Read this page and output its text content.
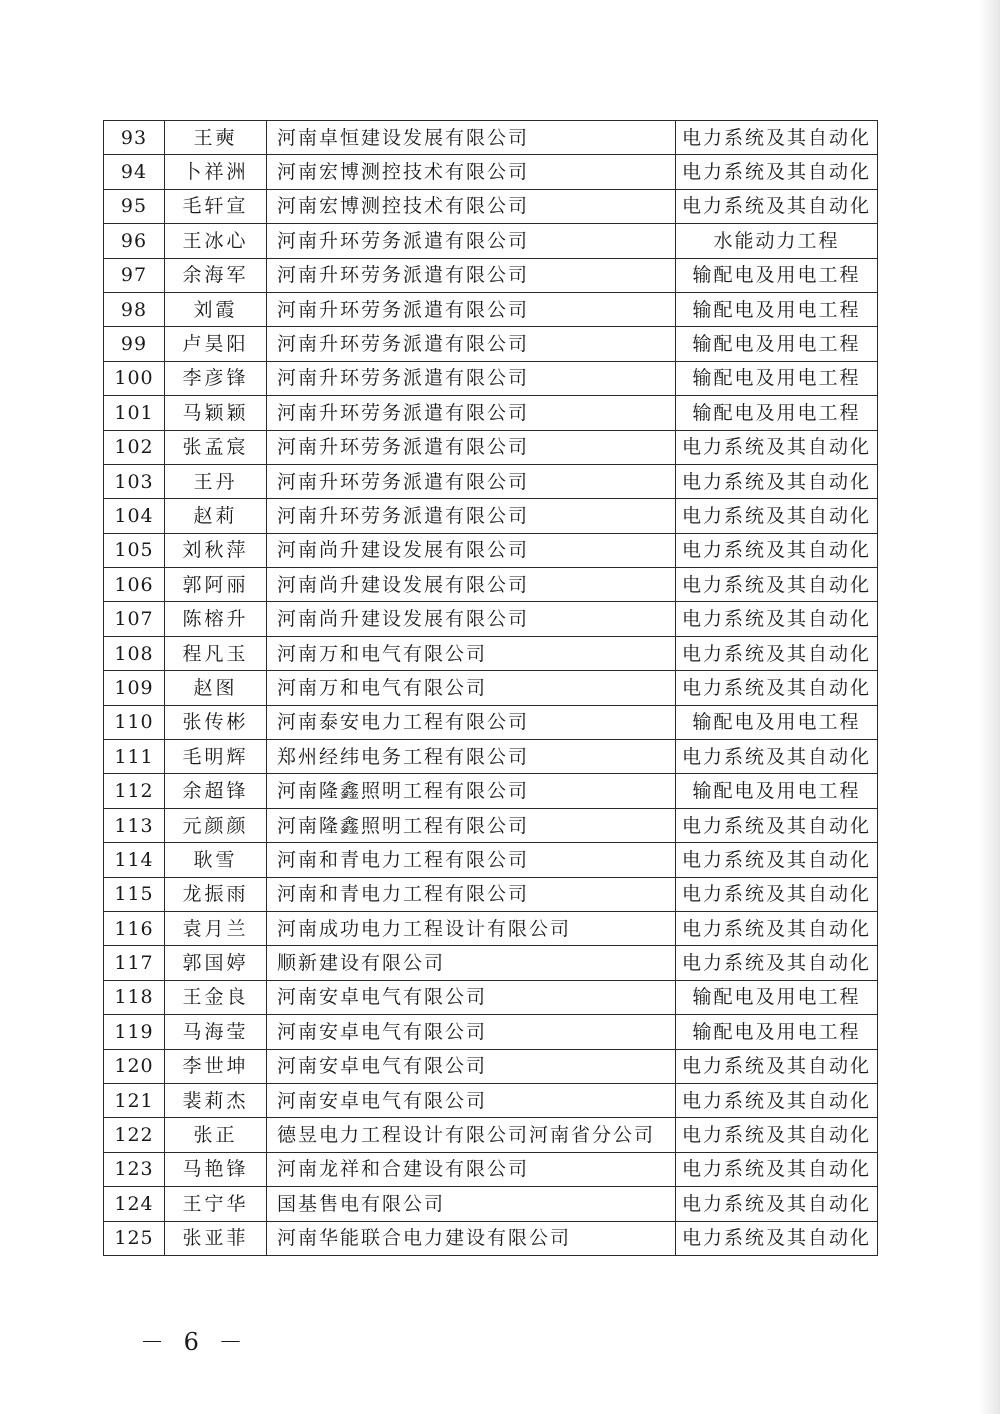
93	王奭	河南卓恒建设发展有限公司	电力系统及其自动化
94	卜祥洲	河南宏博测控技术有限公司	电力系统及其自动化
95	毛轩宣	河南宏博测控技术有限公司	电力系统及其自动化
96	王冰心	河南升环劳务派遣有限公司	水能动力工程
97	余海军	河南升环劳务派遣有限公司	输配电及用电工程
98	刘霞	河南升环劳务派遣有限公司	输配电及用电工程
99	卢昊阳	河南升环劳务派遣有限公司	输配电及用电工程
100	李彦锋	河南升环劳务派遣有限公司	输配电及用电工程
101	马颖颖	河南升环劳务派遣有限公司	输配电及用电工程
102	张孟宸	河南升环劳务派遣有限公司	电力系统及其自动化
103	王丹	河南升环劳务派遣有限公司	电力系统及其自动化
104	赵莉	河南升环劳务派遣有限公司	电力系统及其自动化
105	刘秋萍	河南尚升建设发展有限公司	电力系统及其自动化
106	郭阿丽	河南尚升建设发展有限公司	电力系统及其自动化
107	陈榕升	河南尚升建设发展有限公司	电力系统及其自动化
108	程凡玉	河南万和电气有限公司	电力系统及其自动化
109	赵图	河南万和电气有限公司	电力系统及其自动化
110	张传彬	河南泰安电力工程有限公司	输配电及用电工程
111	毛明辉	郑州经纬电务工程有限公司	电力系统及其自动化
112	余超锋	河南隆鑫照明工程有限公司	输配电及用电工程
113	元颜颜	河南隆鑫照明工程有限公司	电力系统及其自动化
114	耿雪	河南和青电力工程有限公司	电力系统及其自动化
115	龙振雨	河南和青电力工程有限公司	电力系统及其自动化
116	袁月兰	河南成功电力工程设计有限公司	电力系统及其自动化
117	郭国婷	顺新建设有限公司	电力系统及其自动化
118	王金良	河南安卓电气有限公司	输配电及用电工程
119	马海莹	河南安卓电气有限公司	输配电及用电工程
120	李世坤	河南安卓电气有限公司	电力系统及其自动化
121	裴莉杰	河南安卓电气有限公司	电力系统及其自动化
122	张正	德昱电力工程设计有限公司河南省分公司	电力系统及其自动化
123	马艳锋	河南龙祥和合建设有限公司	电力系统及其自动化
124	王宁华	国基售电有限公司	电力系统及其自动化
125	张亚菲	河南华能联合电力建设有限公司	电力系统及其自动化
－ 6 －
